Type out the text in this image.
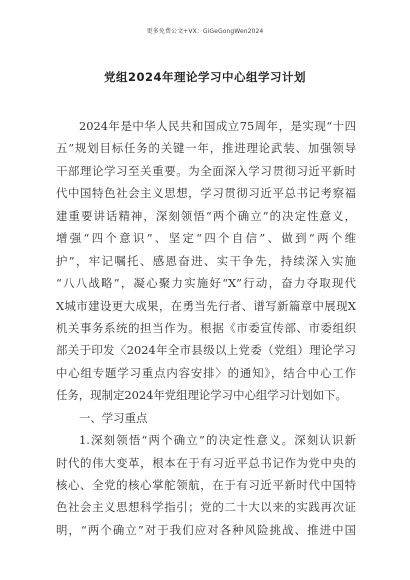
更多免费公文+VX：GiGeGongWen2024
党组2024年理论学习中心组学习计划
2024年是中华人民共和国成立75周年，是实现“十四
五”规划目标任务的关键一年，推进理论武装、加强领导
干部理论学习至关重要。为全面深入学习贯彻习近平新时
代中国特色社会主义思想，学习贯彻习近平总书记考察福
建重要讲话精神，深刻领悟“两个确立”的决定性意义，
增强“四个意识”、坚定“四个自信”、做到“两个维
护”，牢记嘱托、感恩奋进、实干争先，持续深入实施
“八八战略”，凝心聚力实施好“X”行动，奋力夺取现代
X城市建设更大成果，在勇当先行者、谱写新篇章中展现X
机关事务系统的担当作为。根据《市委宣传部、市委组织
部关于印发〈2024年全市县级以上党委（党组）理论学习
中心组专题学习重点内容安排〉的通知》，结合中心工作
任务，现制定2024年党组理论学习中心组学习计划如下。
一、学习重点
1.深刻领悟“两个确立”的决定性意义。深刻认识新
时代的伟大变革，根本在于有习近平总书记作为党中央的
核心、全党的核心掌舵领航，在于有习近平新时代中国特
色社会主义思想科学指引；党的二十大以来的实践再次证
明，“两个确立”对于我们应对各种风险挑战、推进中国
